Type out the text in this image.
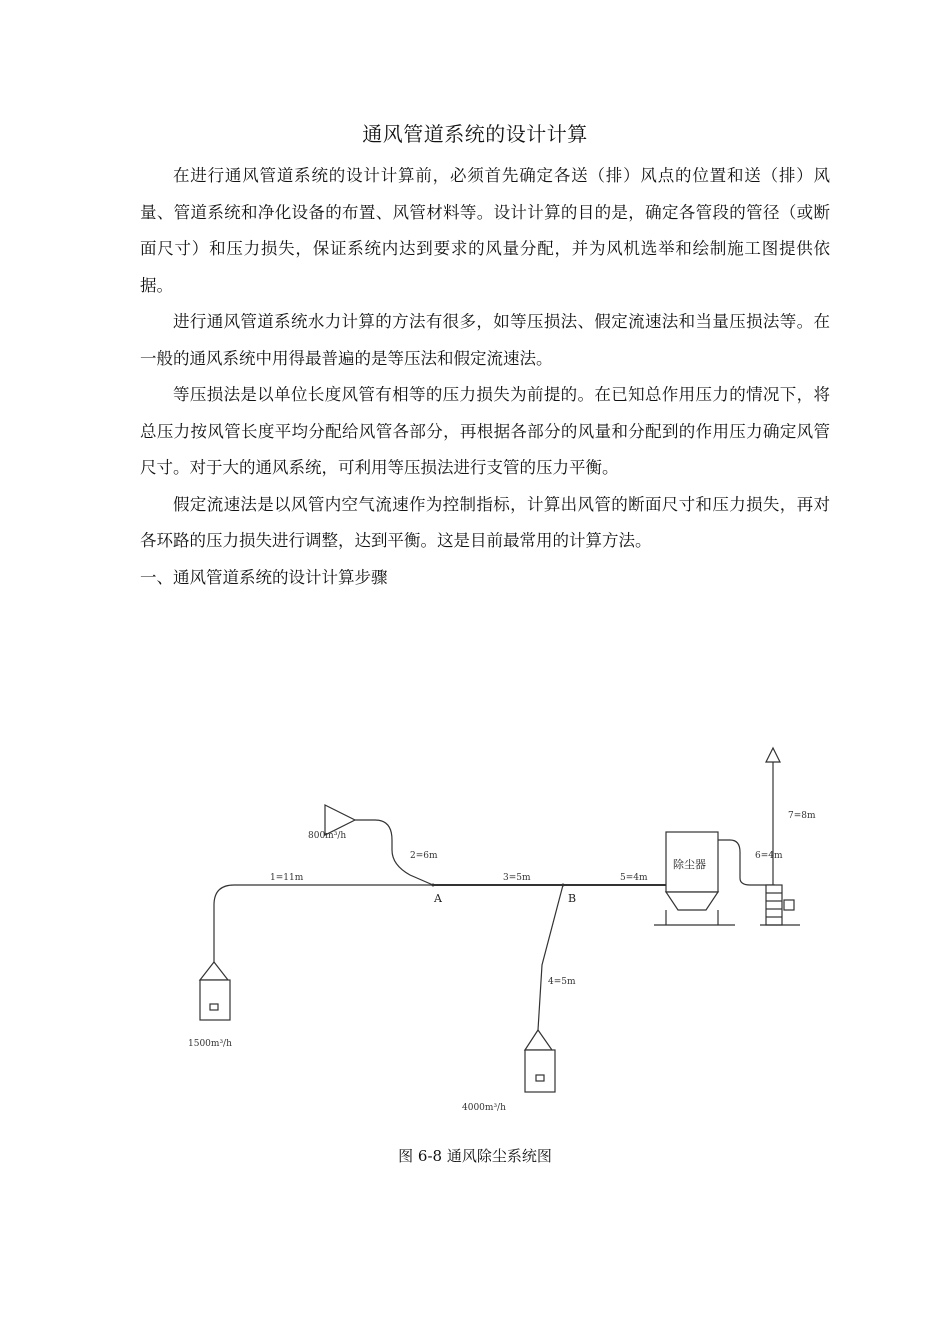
通风管道系统的设计计算

在进行通风管道系统的设计计算前，必须首先确定各送（排）风点的位置和送（排）风量、管道系统和净化设备的布置、风管材料等。设计计算的目的是，确定各管段的管径（或断面尺寸）和压力损失，保证系统内达到要求的风量分配，并为风机选举和绘制施工图提供依据。

进行通风管道系统水力计算的方法有很多，如等压损法、假定流速法和当量压损法等。在一般的通风系统中用得最普遍的是等压法和假定流速法。

等压损法是以单位长度风管有相等的压力损失为前提的。在已知总作用压力的情况下，将总压力按风管长度平均分配给风管各部分，再根据各部分的风量和分配到的作用压力确定风管尺寸。对于大的通风系统，可利用等压损法进行支管的压力平衡。

假定流速法是以风管内空气流速作为控制指标，计算出风管的断面尺寸和压力损失，再对各环路的压力损失进行调整，达到平衡。这是目前最常用的计算方法。

一、通风管道系统的设计计算步骤

800m³/h
1500m³/h
4000m³/h
1=11m
2=6m
3=5m
4=5m
5=4m
6=4m
7=8m
A	B
除尘器
图 6-8 通风除尘系统图
